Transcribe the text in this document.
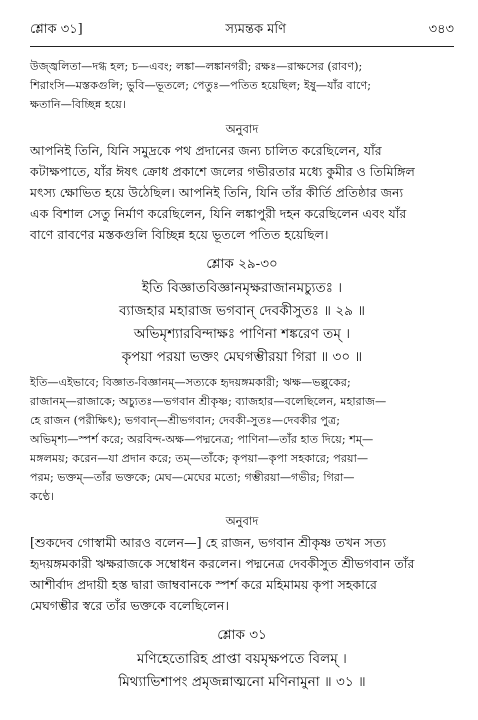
শ্লোক ৩১]	স্যমন্তক মণি	৩৪৩

উজ্জ্বলিতা—দগ্ধ হল; চ—এবং; লঙ্কা—লঙ্কানগরী; রক্ষঃ—রাক্ষসের (রাবণ);

শিরাংসি—মস্তকগুলি; ভুবি—ভূতলে; পেতুঃ—পতিত হয়েছিল; ইষু—যাঁর বাণে;

ক্ষতানি—বিচ্ছিন্ন হয়ে।

অনুবাদ

আপনিই তিনি, যিনি সমুদ্রকে পথ প্রদানের জন্য চালিত করেছিলেন, যাঁর

কটাক্ষপাতে, যাঁর ঈষৎ ক্রোধ প্রকাশে জলের গভীরতার মধ্যে কুমীর ও তিমিঙ্গিল

মৎস্য ক্ষোভিত হয়ে উঠেছিল। আপনিই তিনি, যিনি তাঁর কীর্তি প্রতিষ্ঠার জন্য

এক বিশাল সেতু নির্মাণ করেছিলেন, যিনি লঙ্কাপুরী দহন করেছিলেন এবং যাঁর

বাণে রাবণের মস্তকগুলি বিচ্ছিন্ন হয়ে ভূতলে পতিত হয়েছিল।

শ্লোক ২৯-৩০

ইতি বিজ্ঞাতবিজ্ঞানমৃক্ষরাজানমচ্যুতঃ ।

ব্যাজহার মহারাজ ভগবান্ দেবকীসুতঃ ॥ ২৯ ॥

অভিমৃশ্যারবিন্দাক্ষঃ পাণিনা শঙ্করেণ তম্ ।

কৃপয়া পরয়া ভক্তং মেঘগম্ভীরয়া গিরা ॥ ৩০ ॥

ইতি—এইভাবে; বিজ্ঞাত-বিজ্ঞানম্—সত্যকে হৃদয়ঙ্গমকারী; ঋক্ষ—ভল্লুকের;

রাজানম্—রাজাকে; অচ্যুতঃ—ভগবান শ্রীকৃষ্ণ; ব্যাজহার—বলেছিলেন, মহারাজ—

হে রাজন (পরীক্ষিৎ); ভগবান্—শ্রীভগবান; দেবকী-সুতঃ—দেবকীর পুত্র;

অভিমৃশ্য—স্পর্শ করে; অরবিন্দ-অক্ষ—পদ্মনেত্র; পাণিনা—তাঁর হাত দিয়ে; শম্—

মঙ্গলময়; করেন—যা প্রদান করে; তম্—তাঁকে; কৃপয়া—কৃপা সহকারে; পরয়া—

পরম; ভক্তম্—তাঁর ভক্তকে; মেঘ—মেঘের মতো; গম্ভীরয়া—গভীর; গিরা—

কণ্ঠে।

অনুবাদ

[শুকদেব গোস্বামী আরও বলেন—] হে রাজন, ভগবান শ্রীকৃষ্ণ তখন সত্য

হৃদয়ঙ্গমকারী ঋক্ষরাজকে সম্বোধন করলেন। পদ্মনেত্র দেবকীসুত শ্রীভগবান তাঁর

আশীর্বাদ প্রদায়ী হস্ত দ্বারা জাম্ববানকে স্পর্শ করে মহিমাময় কৃপা সহকারে

মেঘগম্ভীর স্বরে তাঁর ভক্তকে বলেছিলেন।

শ্লোক ৩১

মণিহেতোরিহ প্রাপ্তা বয়মৃক্ষপতে বিলম্ ।

মিথ্যাভিশাপং প্রমৃজন্নাত্মনো মণিনামুনা ॥ ৩১ ॥
